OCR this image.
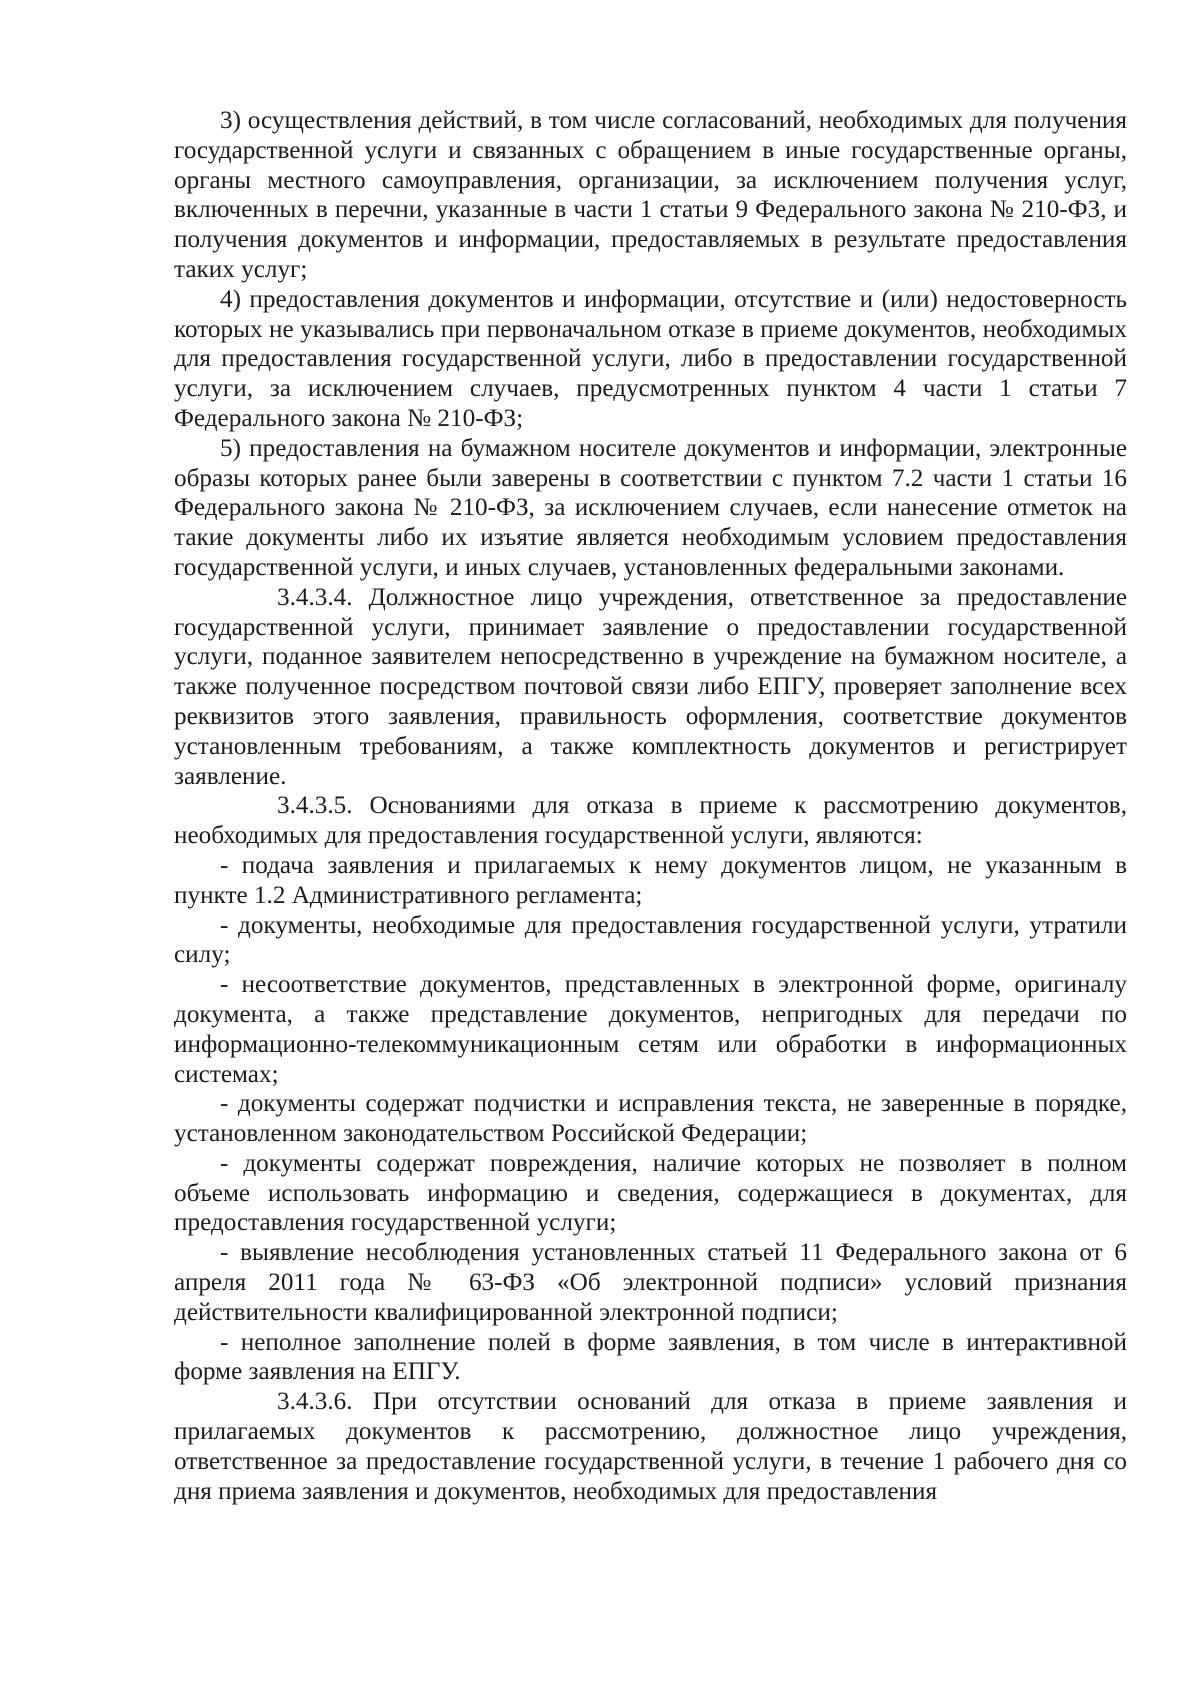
3) осуществления действий, в том числе согласований, необходимых для получения государственной услуги и связанных с обращением в иные государственные органы, органы местного самоуправления, организации, за исключением получения услуг, включенных в перечни, указанные в части 1 статьи 9 Федерального закона № 210-ФЗ, и получения документов и информации, предоставляемых в результате предоставления таких услуг;

4) предоставления документов и информации, отсутствие и (или) недостоверность которых не указывались при первоначальном отказе в приеме документов, необходимых для предоставления государственной услуги, либо в предоставлении государственной услуги, за исключением случаев, предусмотренных пунктом 4 части 1 статьи 7 Федерального закона № 210-ФЗ;

5) предоставления на бумажном носителе документов и информации, электронные образы которых ранее были заверены в соответствии с пунктом 7.2 части 1 статьи 16 Федерального закона № 210-ФЗ, за исключением случаев, если нанесение отметок на такие документы либо их изъятие является необходимым условием предоставления государственной услуги, и иных случаев, установленных федеральными законами.

3.4.3.4. Должностное лицо учреждения, ответственное за предоставление государственной услуги, принимает заявление о предоставлении государственной услуги, поданное заявителем непосредственно в учреждение на бумажном носителе, а также полученное посредством почтовой связи либо ЕПГУ, проверяет заполнение всех реквизитов этого заявления, правильность оформления, соответствие документов установленным требованиям, а также комплектность документов и регистрирует заявление.

3.4.3.5. Основаниями для отказа в приеме к рассмотрению документов, необходимых для предоставления государственной услуги, являются:

- подача заявления и прилагаемых к нему документов лицом, не указанным в пункте 1.2 Административного регламента;

- документы, необходимые для предоставления государственной услуги, утратили силу;

- несоответствие документов, представленных в электронной форме, оригиналу документа, а также представление документов, непригодных для передачи по информационно-телекоммуникационным сетям или обработки в информационных системах;

- документы содержат подчистки и исправления текста, не заверенные в порядке, установленном законодательством Российской Федерации;

- документы содержат повреждения, наличие которых не позволяет в полном объеме использовать информацию и сведения, содержащиеся в документах, для предоставления государственной услуги;

- выявление несоблюдения установленных статьей 11 Федерального закона от 6 апреля 2011 года № 63-ФЗ «Об электронной подписи» условий признания действительности квалифицированной электронной подписи;

- неполное заполнение полей в форме заявления, в том числе в интерактивной форме заявления на ЕПГУ.

3.4.3.6. При отсутствии оснований для отказа в приеме заявления и прилагаемых документов к рассмотрению, должностное лицо учреждения, ответственное за предоставление государственной услуги, в течение 1 рабочего дня со дня приема заявления и документов, необходимых для предоставления
